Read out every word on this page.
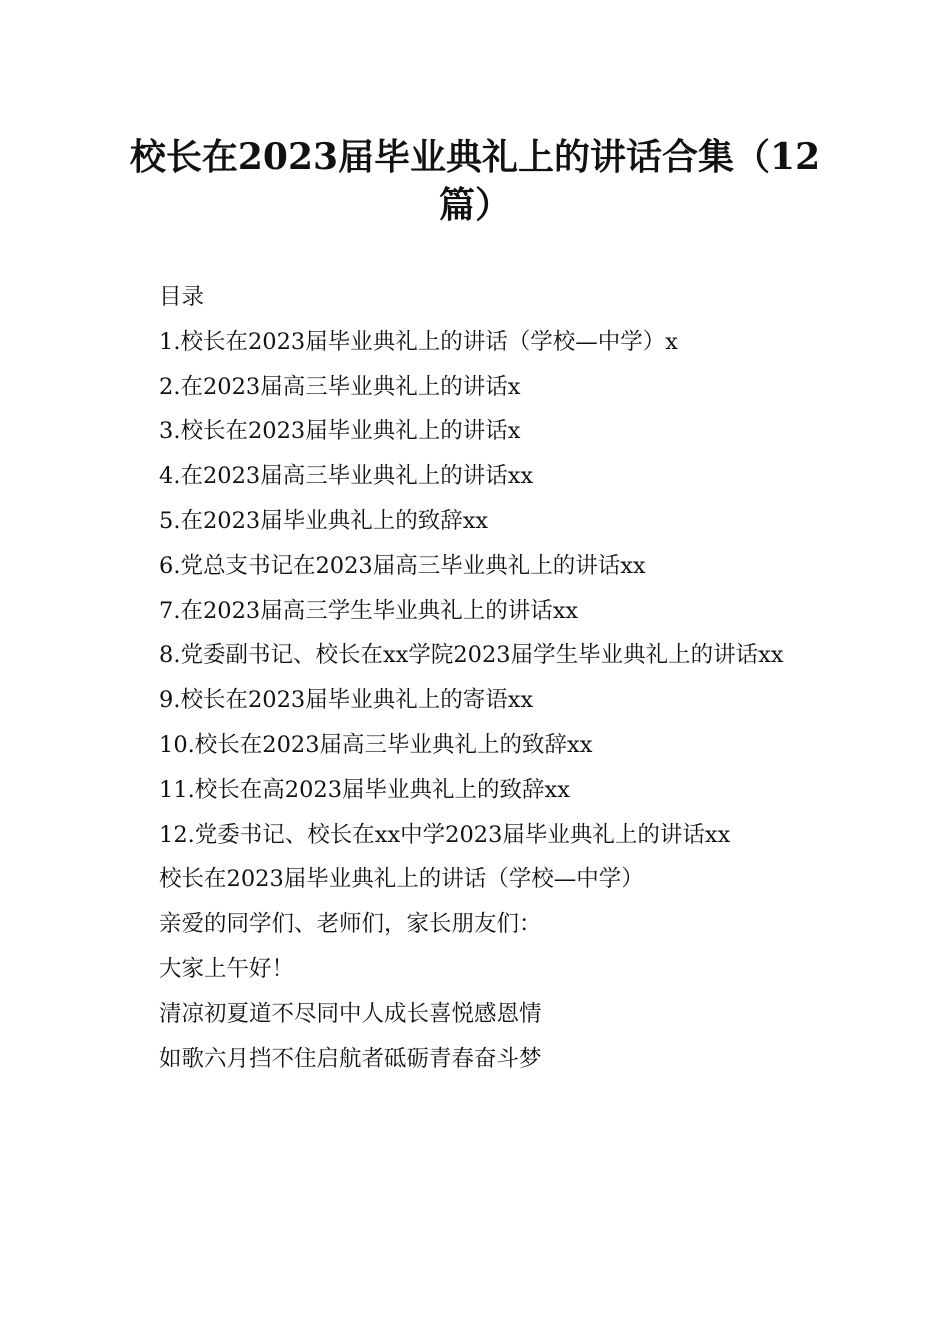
校长在2023届毕业典礼上的讲话合集（12
篇）
目录
1.校长在2023届毕业典礼上的讲话（学校—中学）x
2.在2023届高三毕业典礼上的讲话x
3.校长在2023届毕业典礼上的讲话x
4.在2023届高三毕业典礼上的讲话xx
5.在2023届毕业典礼上的致辞xx
6.党总支书记在2023届高三毕业典礼上的讲话xx
7.在2023届高三学生毕业典礼上的讲话xx
8.党委副书记、校长在xx学院2023届学生毕业典礼上的讲话xx
9.校长在2023届毕业典礼上的寄语xx
10.校长在2023届高三毕业典礼上的致辞xx
11.校长在高2023届毕业典礼上的致辞xx
12.党委书记、校长在xx中学2023届毕业典礼上的讲话xx
校长在2023届毕业典礼上的讲话（学校—中学）
亲爱的同学们、老师们，家长朋友们：
大家上午好！
清凉初夏道不尽同中人成长喜悦感恩情
如歌六月挡不住启航者砥砺青春奋斗梦
